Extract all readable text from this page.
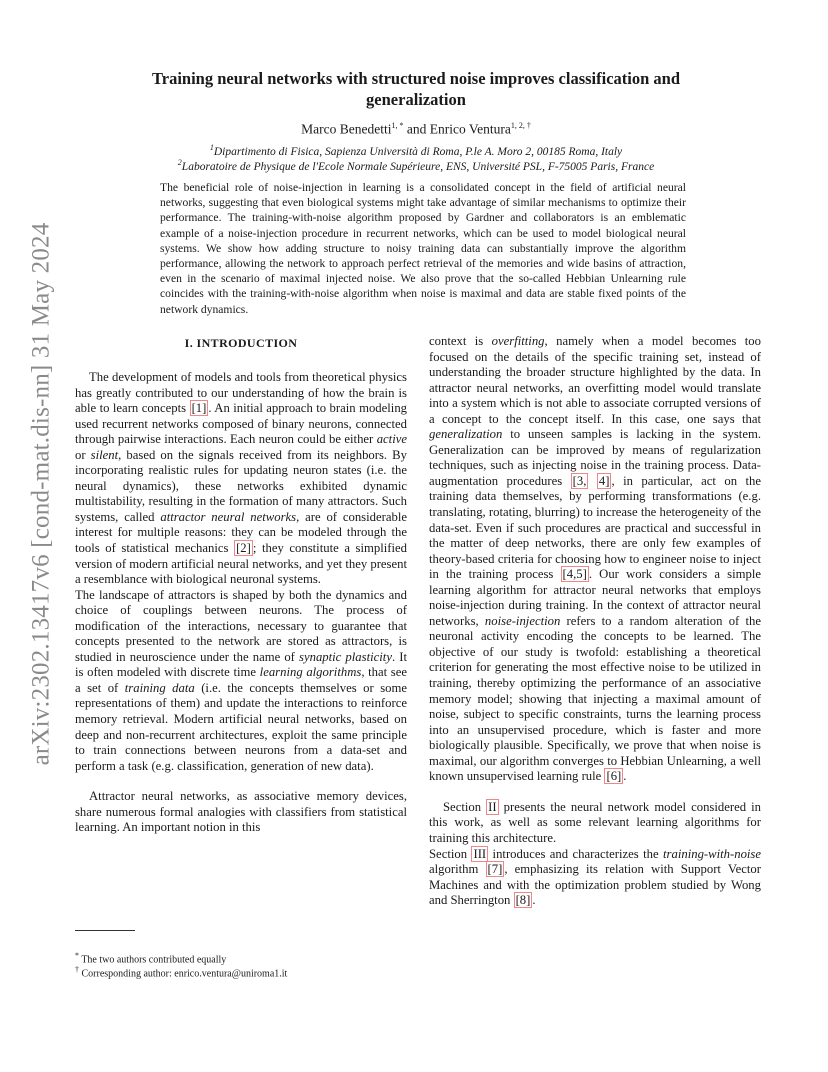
arXiv:2302.13417v6 [cond-mat.dis-nn] 31 May 2024
Training neural networks with structured noise improves classification and
generalization
Marco Benedetti$^{1, *}$ and Enrico Ventura$^{1, 2, \dagger}$
$^1$Dipartimento di Fisica, Sapienza Università di Roma, P.le A. Moro 2, 00185 Roma, Italy
$^2$Laboratoire de Physique de l'Ecole Normale Supérieure, ENS, Université PSL, F-75005 Paris, France
The beneficial role of noise-injection in learning is a consolidated concept in the field of artificial neural networks, suggesting that even biological systems might take advantage of similar mechanisms to optimize their performance. The training-with-noise algorithm proposed by Gardner and collaborators is an emblematic example of a noise-injection procedure in recurrent networks, which can be used to model biological neural systems. We show how adding structure to noisy training data can substantially improve the algorithm performance, allowing the network to approach perfect retrieval of the memories and wide basins of attraction, even in the scenario of maximal injected noise. We also prove that the so-called Hebbian Unlearning rule coincides with the training-with-noise algorithm when noise is maximal and data are stable fixed points of the network dynamics.
I. INTRODUCTION

The development of models and tools from theoretical physics has greatly contributed to our understanding of how the brain is able to learn concepts [1] . An initial approach to brain modeling used recurrent networks composed of binary neurons, connected through pairwise interactions. Each neuron could be either active or silent, based on the signals received from its neighbors. By incorporating realistic rules for updating neuron states (i.e. the neural dynamics), these networks exhibited dynamic multistability, resulting in the formation of many attractors. Such systems, called attractor neural networks, are of considerable interest for multiple reasons: they can be modeled through the tools of statistical mechanics [2] ; they constitute a simplified version of modern artificial neural networks, and yet they present a resemblance with biological neuronal systems.

The landscape of attractors is shaped by both the dynamics and choice of couplings between neurons. The process of modification of the interactions, necessary to guarantee that concepts presented to the network are stored as attractors, is studied in neuroscience under the name of synaptic plasticity. It is often modeled with discrete time learning algorithms, that see a set of training data (i.e. the concepts themselves or some representations of them) and update the interactions to reinforce memory retrieval. Modern artificial neural networks, based on deep and non-recurrent architectures, exploit the same principle to train connections between neurons from a data-set and perform a task (e.g. classification, generation of new data).

Attractor neural networks, as associative memory devices, share numerous formal analogies with classifiers from statistical learning. An important notion in this

* The two authors contributed equally
† Corresponding author: enrico.ventura@uniroma1.it

context is overfitting, namely when a model becomes too focused on the details of the specific training set, instead of understanding the broader structure highlighted by the data. In attractor neural networks, an overfitting model would translate into a system which is not able to associate corrupted versions of a concept to the concept itself. In this case, one says that generalization to unseen samples is lacking in the system. Generalization can be improved by means of regularization techniques, such as injecting noise in the training process. Data-augmentation procedures [3, 4] , in particular, act on the training data themselves, by performing transformations (e.g. translating, rotating, blurring) to increase the heterogeneity of the data-set. Even if such procedures are practical and successful in the matter of deep networks, there are only few examples of theory-based criteria for choosing how to engineer noise to inject in the training process [4,5] . Our work considers a simple learning algorithm for attractor neural networks that employs noise-injection during training. In the context of attractor neural networks, noise-injection refers to a random alteration of the neuronal activity encoding the concepts to be learned. The objective of our study is twofold: establishing a theoretical criterion for generating the most effective noise to be utilized in training, thereby optimizing the performance of an associative memory model; showing that injecting a maximal amount of noise, subject to specific constraints, turns the learning process into an unsupervised procedure, which is faster and more biologically plausible. Specifically, we prove that when noise is maximal, our algorithm converges to Hebbian Unlearning, a well known unsupervised learning rule [6] .

Section II presents the neural network model considered in this work, as well as some relevant learning algorithms for training this architecture.

Section III introduces and characterizes the training-with-noise algorithm [7] , emphasizing its relation with Support Vector Machines and with the optimization problem studied by Wong and Sherrington [8] .
